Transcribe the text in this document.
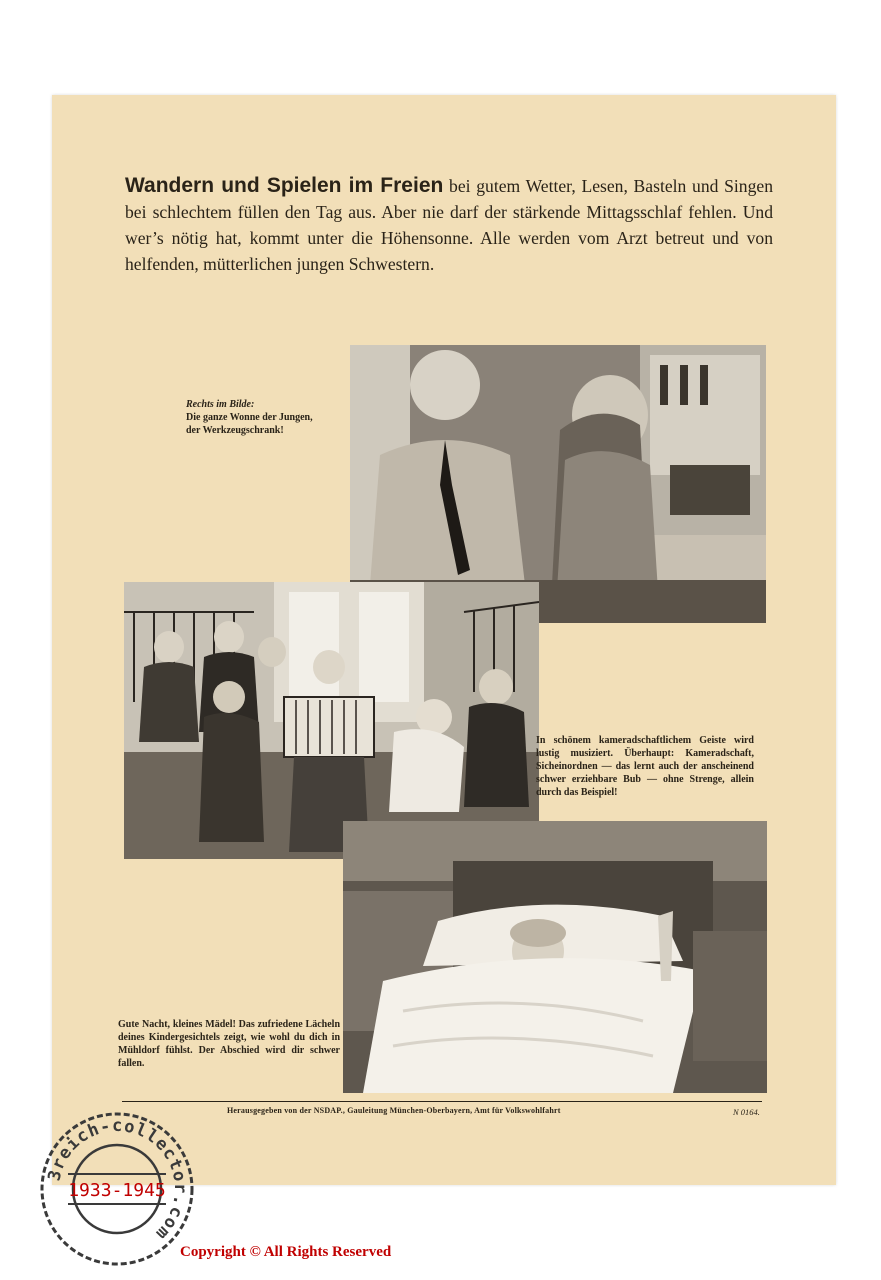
Wandern und Spielen im Freien bei gutem Wetter, Lesen, Basteln und Singen bei schlechtem füllen den Tag aus. Aber nie darf der stärkende Mittagsschlaf fehlen. Und wer’s nötig hat, kommt unter die Höhensonne. Alle werden vom Arzt betreut und von helfenden, mütterlichen jungen Schwestern.

Rechts im Bilde:
Die ganze Wonne der Jungen,
der Werkzeugschrank!

In schönem kameradschaftlichem Geiste wird lustig musiziert. Überhaupt: Kameradschaft, Sicheinordnen — das lernt auch der anscheinend schwer erziehbare Bub — ohne Strenge, allein durch das Beispiel!

Gute Nacht, kleines Mädel! Das zufriedene Lächeln deines Kindergesichtels zeigt, wie wohl du dich in Mühldorf fühlst. Der Abschied wird dir schwer fallen.

Herausgegeben von der NSDAP., Gauleitung München-Oberbayern, Amt für Volkswohlfahrt	N 0164.
3reich-collector.com
1933-1945
Copyright © All Rights Reserved
